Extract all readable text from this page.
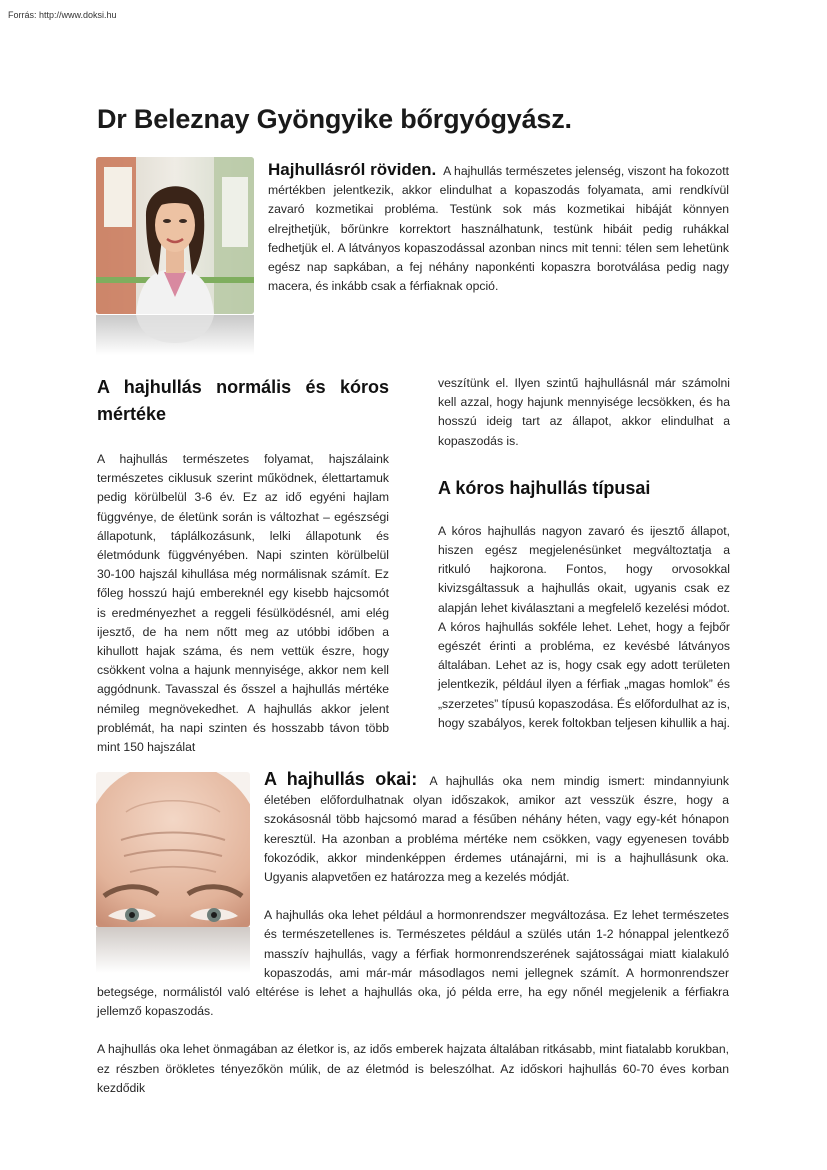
Forrás: http://www.doksi.hu
Dr Beleznay Gyöngyike bőrgyógyász.

Hajhullásról röviden. A hajhullás természetes jelenség, viszont ha fokozott mértékben jelentkezik, akkor elindulhat a kopaszodás folyamata, ami rendkívül zavaró kozmetikai probléma. Testünk sok más kozmetikai hibáját könnyen elrejthetjük, bőrünkre korrektort használhatunk, testünk hibáit pedig ruhákkal fedhetjük el. A látványos kopaszodással azonban nincs mit tenni: télen sem lehetünk egész nap sapkában, a fej néhány naponkénti kopaszra borotválása pedig nagy macera, és inkább csak a férfiaknak opció.

A hajhullás normális és kóros mértéke

A hajhullás természetes folyamat, hajszálaink természetes ciklusuk szerint működnek, élettartamuk pedig körülbelül 3-6 év. Ez az idő egyéni hajlam függvénye, de életünk során is változhat – egészségi állapotunk, táplálkozásunk, lelki állapotunk és életmódunk függvényében. Napi szinten körülbelül 30-100 hajszál kihullása még normálisnak számít. Ez főleg hosszú hajú embereknél egy kisebb hajcsomót is eredményezhet a reggeli fésülködésnél, ami elég ijesztő, de ha nem nőtt meg az utóbbi időben a kihullott hajak száma, és nem vettük észre, hogy csökkent volna a hajunk mennyisége, akkor nem kell aggódnunk. Tavasszal és ősszel a hajhullás mértéke némileg megnövekedhet. A hajhullás akkor jelent problémát, ha napi szinten és hosszabb távon több mint 150 hajszálat

veszítünk el. Ilyen szintű hajhullásnál már számolni kell azzal, hogy hajunk mennyisége lecsökken, és ha hosszú ideig tart az állapot, akkor elindulhat a kopaszodás is.

A kóros hajhullás típusai

A kóros hajhullás nagyon zavaró és ijesztő állapot, hiszen egész megjelenésünket megváltoztatja a ritkuló hajkorona. Fontos, hogy orvosokkal kivizsgáltassuk a hajhullás okait, ugyanis csak ez alapján lehet kiválasztani a megfelelő kezelési módot. A kóros hajhullás sokféle lehet. Lehet, hogy a fejbőr egészét érinti a probléma, ez kevésbé látványos általában. Lehet az is, hogy csak egy adott területen jelentkezik, például ilyen a férfiak „magas homlok” és „szerzetes” típusú kopaszodása. És előfordulhat az is, hogy szabályos, kerek foltokban teljesen kihullik a haj.

A hajhullás okai: A hajhullás oka nem mindig ismert: mindannyiunk életében előfordulhatnak olyan időszakok, amikor azt vesszük észre, hogy a szokásosnál több hajcsomó marad a fésűben néhány héten, vagy egy-két hónapon keresztül. Ha azonban a probléma mértéke nem csökken, vagy egyenesen tovább fokozódik, akkor mindenképpen érdemes utánajárni, mi is a hajhullásunk oka. Ugyanis alapvetően ez határozza meg a kezelés módját.

A hajhullás oka lehet például a hormonrendszer megváltozása. Ez lehet természetes és természetellenes is. Természetes például a szülés után 1-2 hónappal jelentkező masszív hajhullás, vagy a férfiak hormonrendszerének sajátosságai miatt kialakuló kopaszodás, ami már-már másodlagos nemi jellegnek számít. A hormonrendszer betegsége, normálistól való eltérése is lehet a hajhullás oka, jó példa erre, ha egy nőnél megjelenik a férfiakra jellemző kopaszodás.

A hajhullás oka lehet önmagában az életkor is, az idős emberek hajzata általában ritkásabb, mint fiatalabb korukban, ez részben örökletes tényezőkön múlik, de az életmód is beleszólhat. Az időskori hajhullás 60-70 éves korban kezdődik
